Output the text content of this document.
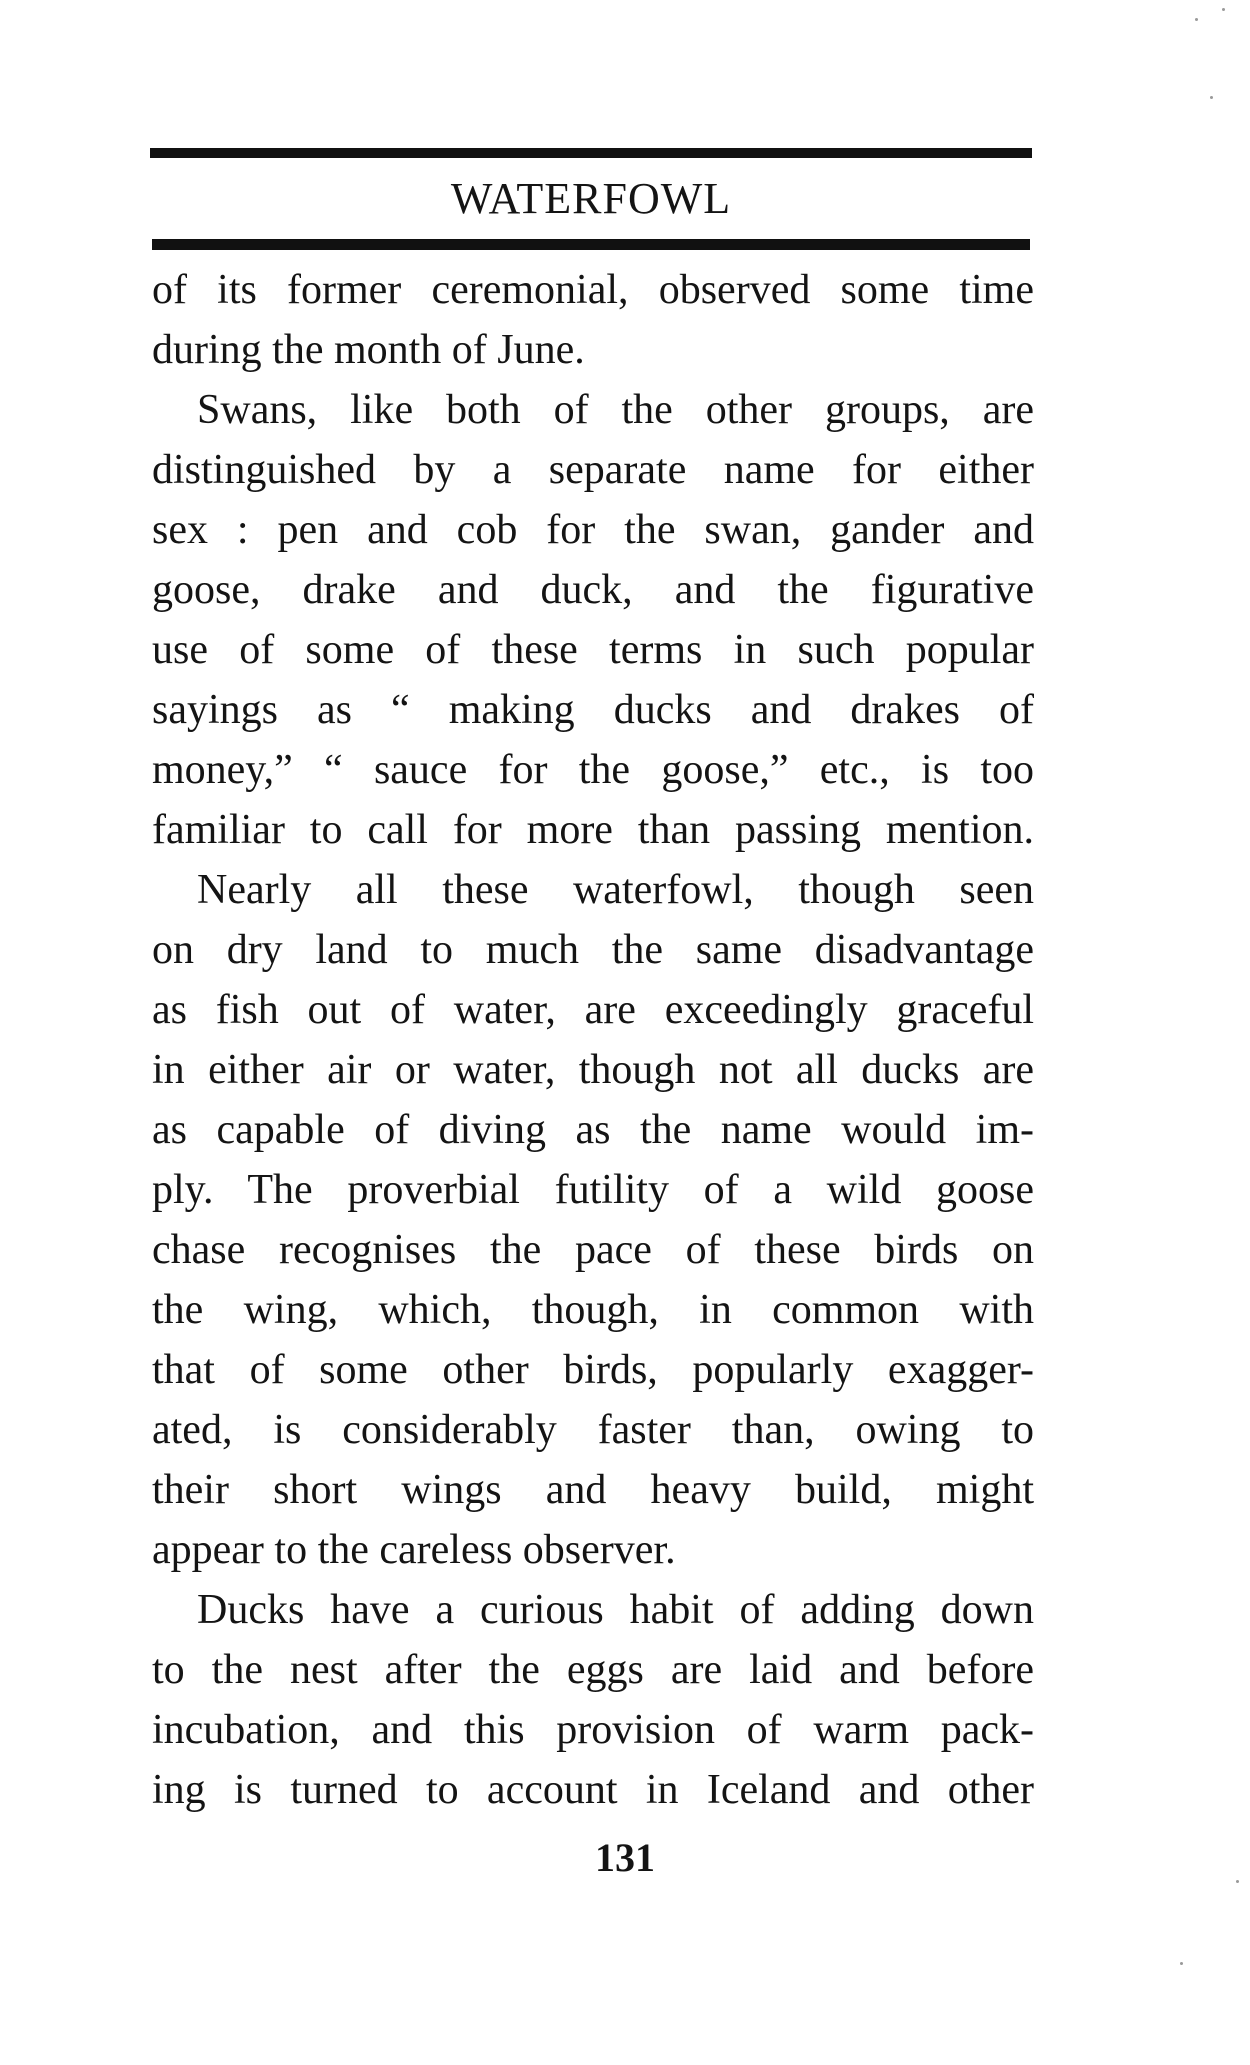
WATERFOWL
of its former ceremonial, observed some time
during the month of June.
Swans, like both of the other groups, are
distinguished by a separate name for either
sex : pen and cob for the swan, gander and
goose, drake and duck, and the figurative
use of some of these terms in such popular
sayings as “ making ducks and drakes of
money,” “ sauce for the goose,” etc., is too
familiar to call for more than passing mention.
Nearly all these waterfowl, though seen
on dry land to much the same disadvantage
as fish out of water, are exceedingly graceful
in either air or water, though not all ducks are
as capable of diving as the name would im-
ply. The proverbial futility of a wild goose
chase recognises the pace of these birds on
the wing, which, though, in common with
that of some other birds, popularly exagger-
ated, is considerably faster than, owing to
their short wings and heavy build, might
appear to the careless observer.
Ducks have a curious habit of adding down
to the nest after the eggs are laid and before
incubation, and this provision of warm pack-
ing is turned to account in Iceland and other
131
